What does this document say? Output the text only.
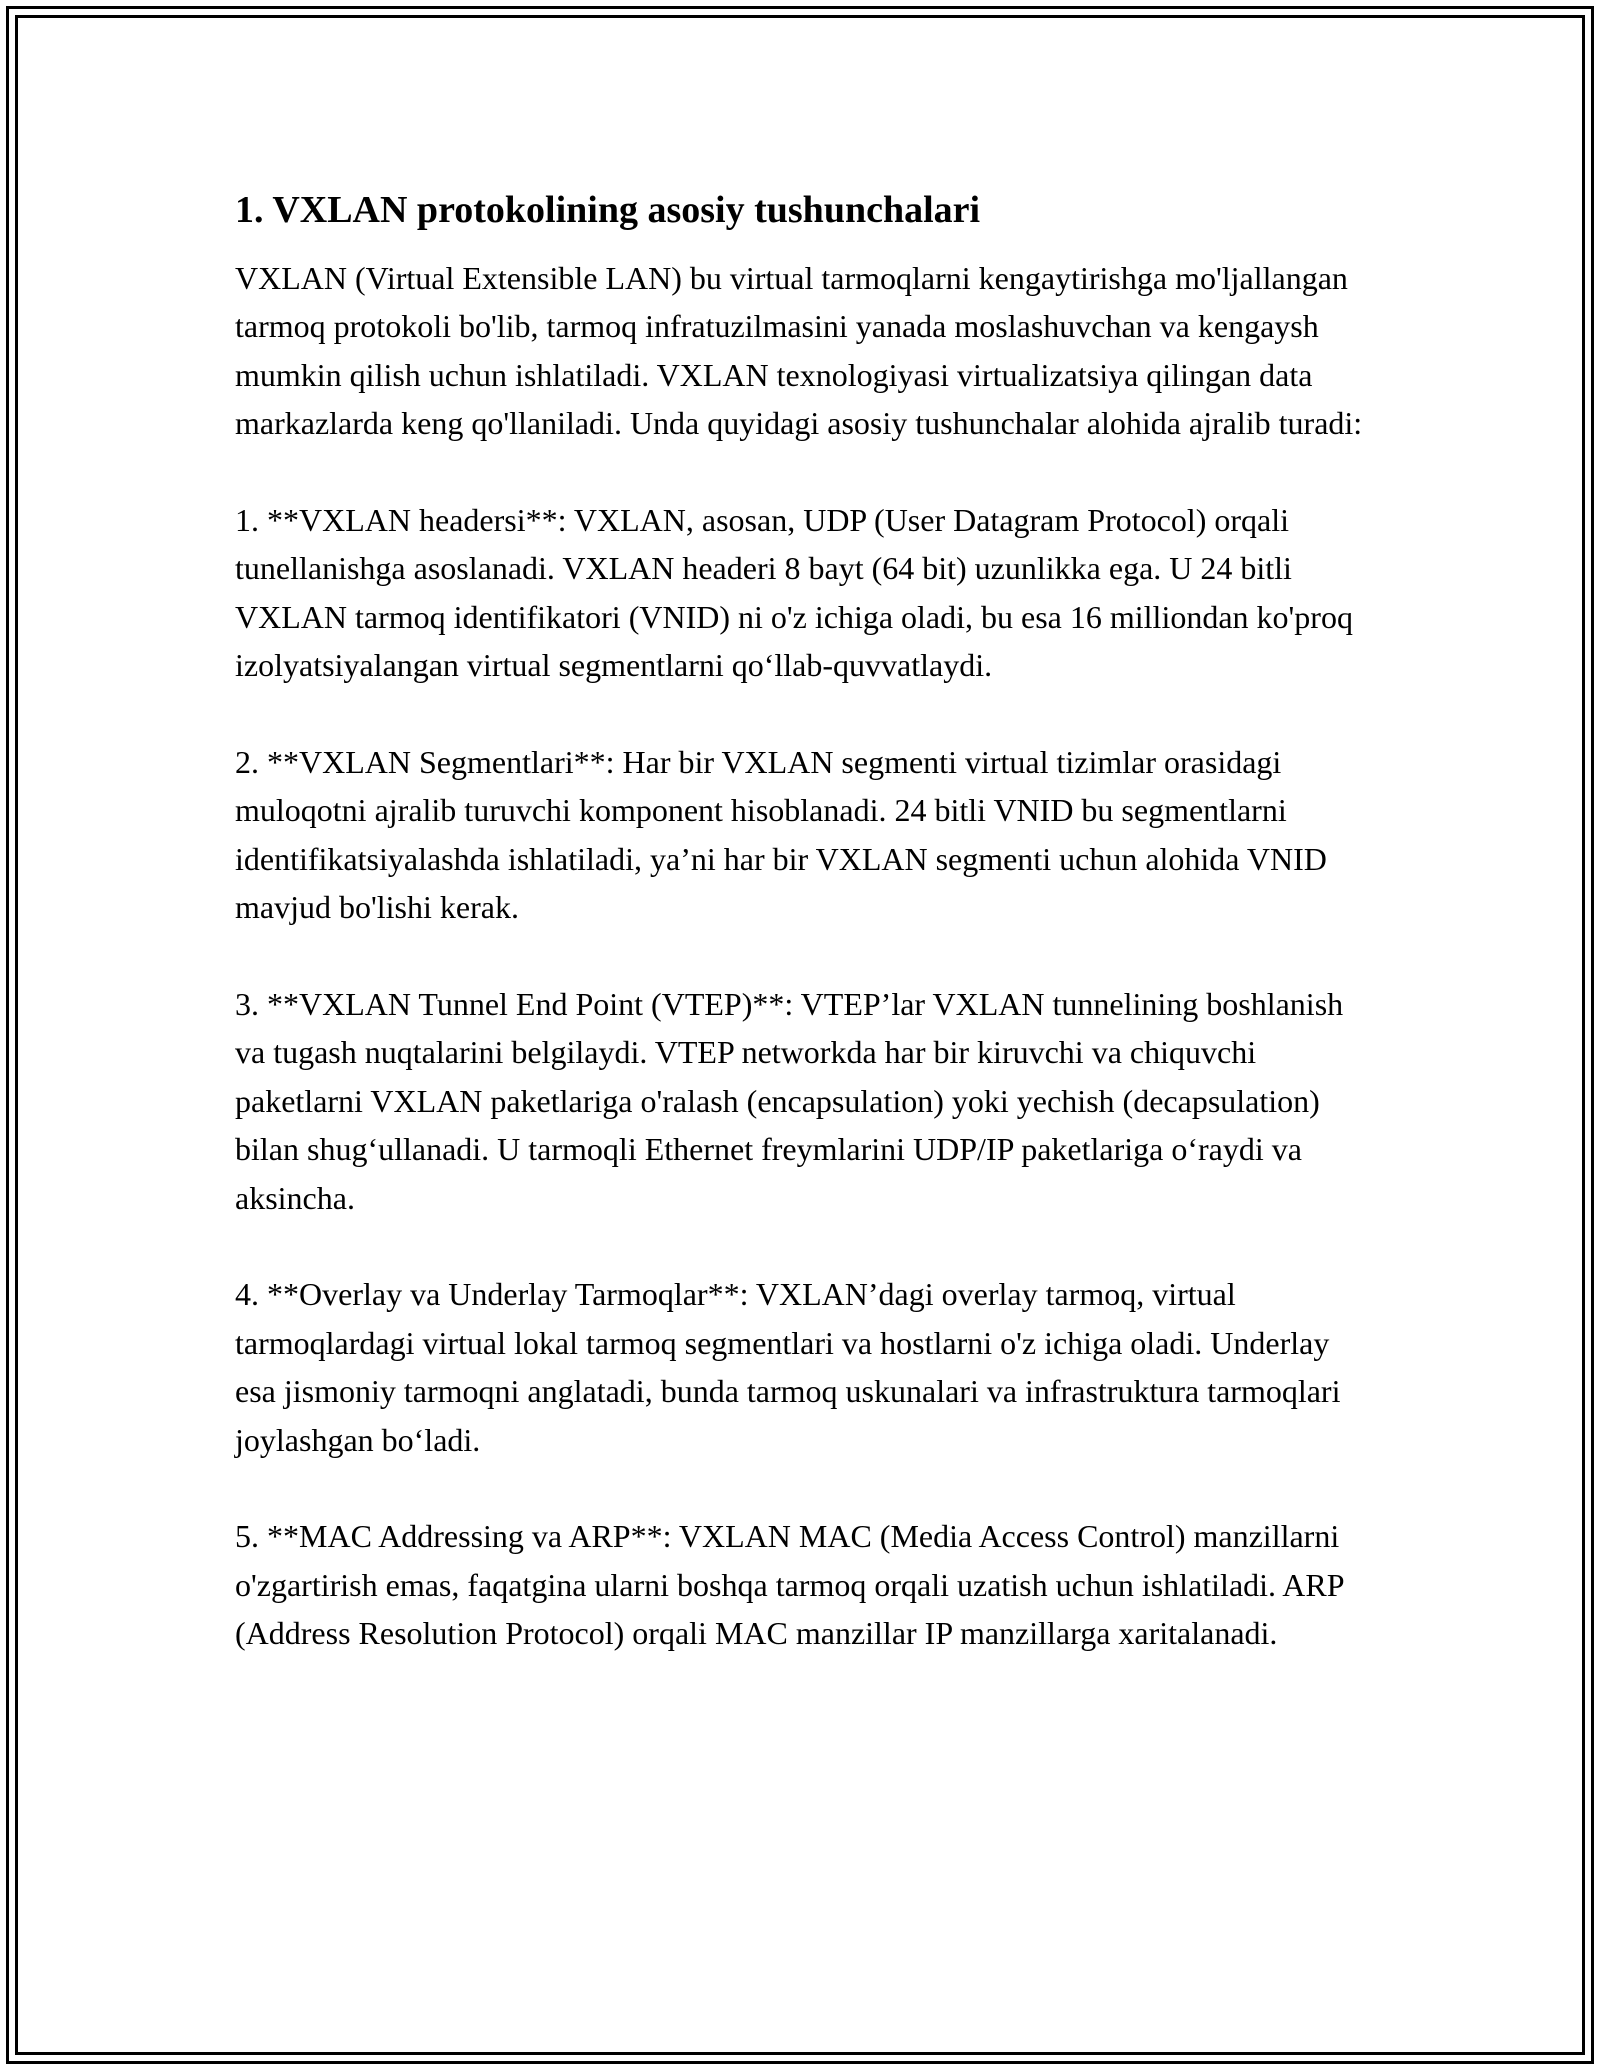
1. VXLAN protokolining asosiy tushunchalari

VXLAN (Virtual Extensible LAN) bu virtual tarmoqlarni kengaytirishga mo'ljallangan tarmoq protokoli bo'lib, tarmoq infratuzilmasini yanada moslashuvchan va kengaysh mumkin qilish uchun ishlatiladi. VXLAN texnologiyasi virtualizatsiya qilingan data markazlarda keng qo'llaniladi. Unda quyidagi asosiy tushunchalar alohida ajralib turadi:

1. **VXLAN headersi**: VXLAN, asosan, UDP (User Datagram Protocol) orqali tunellanishga asoslanadi. VXLAN headeri 8 bayt (64 bit) uzunlikka ega. U 24 bitli VXLAN tarmoq identifikatori (VNID) ni o'z ichiga oladi, bu esa 16 milliondan ko'proq izolyatsiyalangan virtual segmentlarni qo‘llab-quvvatlaydi.

2. **VXLAN Segmentlari**: Har bir VXLAN segmenti virtual tizimlar orasidagi muloqotni ajralib turuvchi komponent hisoblanadi. 24 bitli VNID bu segmentlarni identifikatsiyalashda ishlatiladi, ya’ni har bir VXLAN segmenti uchun alohida VNID mavjud bo'lishi kerak.

3. **VXLAN Tunnel End Point (VTEP)**: VTEP’lar VXLAN tunnelining boshlanish va tugash nuqtalarini belgilaydi. VTEP networkda har bir kiruvchi va chiquvchi paketlarni VXLAN paketlariga o'ralash (encapsulation) yoki yechish (decapsulation) bilan shug‘ullanadi. U tarmoqli Ethernet freymlarini UDP/IP paketlariga o‘raydi va aksincha.

4. **Overlay va Underlay Tarmoqlar**: VXLAN’dagi overlay tarmoq, virtual tarmoqlardagi virtual lokal tarmoq segmentlari va hostlarni o'z ichiga oladi. Underlay esa jismoniy tarmoqni anglatadi, bunda tarmoq uskunalari va infrastruktura tarmoqlari joylashgan bo‘ladi.

5. **MAC Addressing va ARP**: VXLAN MAC (Media Access Control) manzillarni o'zgartirish emas, faqatgina ularni boshqa tarmoq orqali uzatish uchun ishlatiladi. ARP (Address Resolution Protocol) orqali MAC manzillar IP manzillarga xaritalanadi.
